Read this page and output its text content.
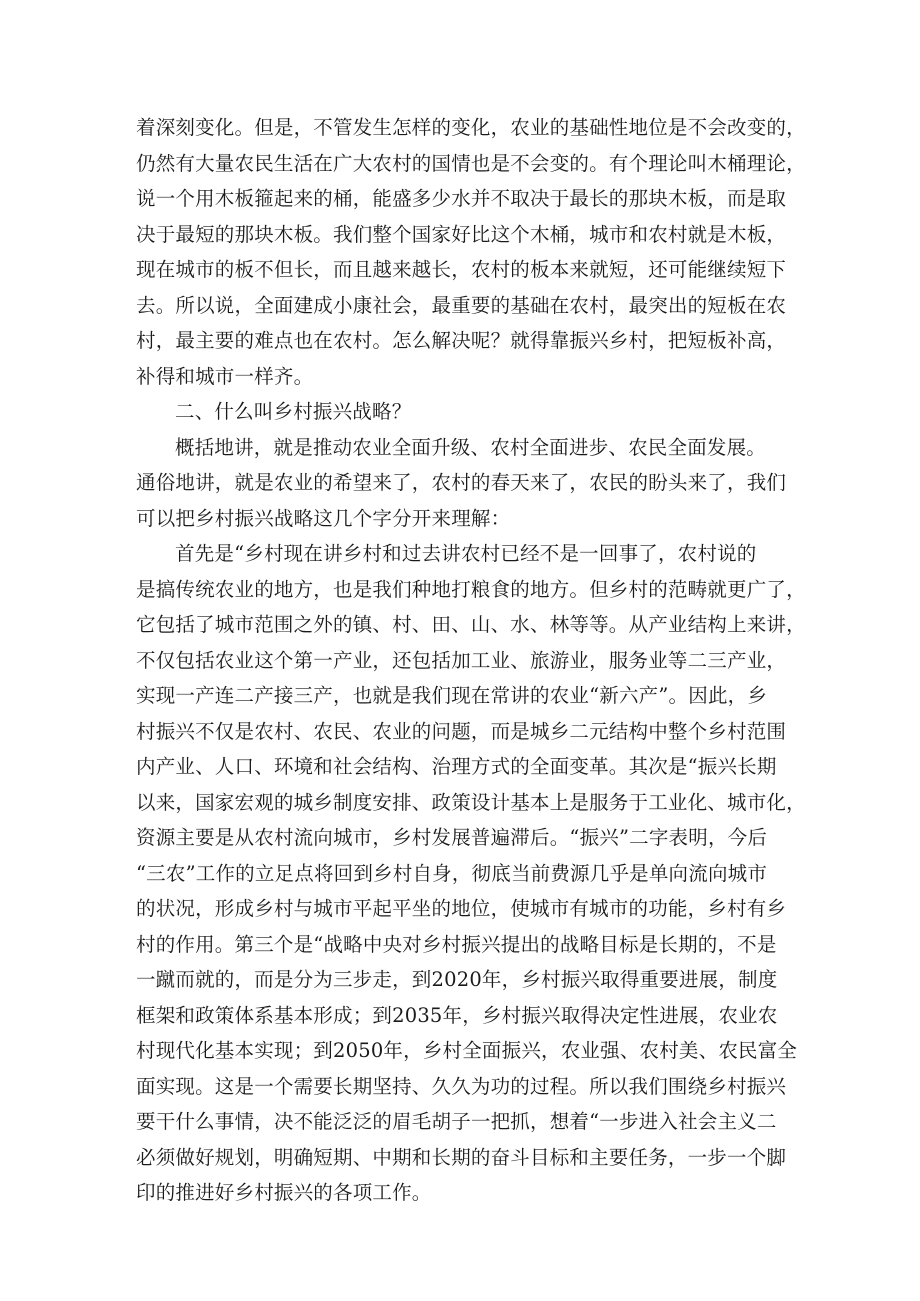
着深刻变化。但是，不管发生怎样的变化，农业的基础性地位是不会改变的，
仍然有大量农民生活在广大农村的国情也是不会变的。有个理论叫木桶理论，
说一个用木板箍起来的桶，能盛多少水并不取决于最长的那块木板，而是取
决于最短的那块木板。我们整个国家好比这个木桶，城市和农村就是木板，
现在城市的板不但长，而且越来越长，农村的板本来就短，还可能继续短下
去。所以说，全面建成小康社会，最重要的基础在农村，最突出的短板在农
村，最主要的难点也在农村。怎么解决呢？就得靠振兴乡村，把短板补高，
补得和城市一样齐。
二、什么叫乡村振兴战略？
概括地讲，就是推动农业全面升级、农村全面进步、农民全面发展。
通俗地讲，就是农业的希望来了，农村的春天来了，农民的盼头来了，我们
可以把乡村振兴战略这几个字分开来理解：
首先是“乡村现在讲乡村和过去讲农村已经不是一回事了，农村说的
是搞传统农业的地方，也是我们种地打粮食的地方。但乡村的范畴就更广了，
它包括了城市范围之外的镇、村、田、山、水、林等等。从产业结构上来讲，
不仅包括农业这个第一产业，还包括加工业、旅游业，服务业等二三产业，
实现一产连二产接三产，也就是我们现在常讲的农业“新六产”。因此，乡
村振兴不仅是农村、农民、农业的问题，而是城乡二元结构中整个乡村范围
内产业、人口、环境和社会结构、治理方式的全面变革。其次是“振兴长期
以来，国家宏观的城乡制度安排、政策设计基本上是服务于工业化、城市化，
资源主要是从农村流向城市，乡村发展普遍滞后。“振兴”二字表明，今后
“三农”工作的立足点将回到乡村自身，彻底当前费源几乎是单向流向城市
的状况，形成乡村与城市平起平坐的地位，使城市有城市的功能，乡村有乡
村的作用。第三个是“战略中央对乡村振兴提出的战略目标是长期的，不是
一蹴而就的，而是分为三步走，到2020年，乡村振兴取得重要进展，制度
框架和政策体系基本形成；到2035年，乡村振兴取得决定性进展，农业农
村现代化基本实现；到2050年，乡村全面振兴，农业强、农村美、农民富全
面实现。这是一个需要长期坚持、久久为功的过程。所以我们围绕乡村振兴
要干什么事情，决不能泛泛的眉毛胡子一把抓，想着“一步进入社会主义二
必须做好规划，明确短期、中期和长期的奋斗目标和主要任务，一步一个脚
印的推进好乡村振兴的各项工作。
